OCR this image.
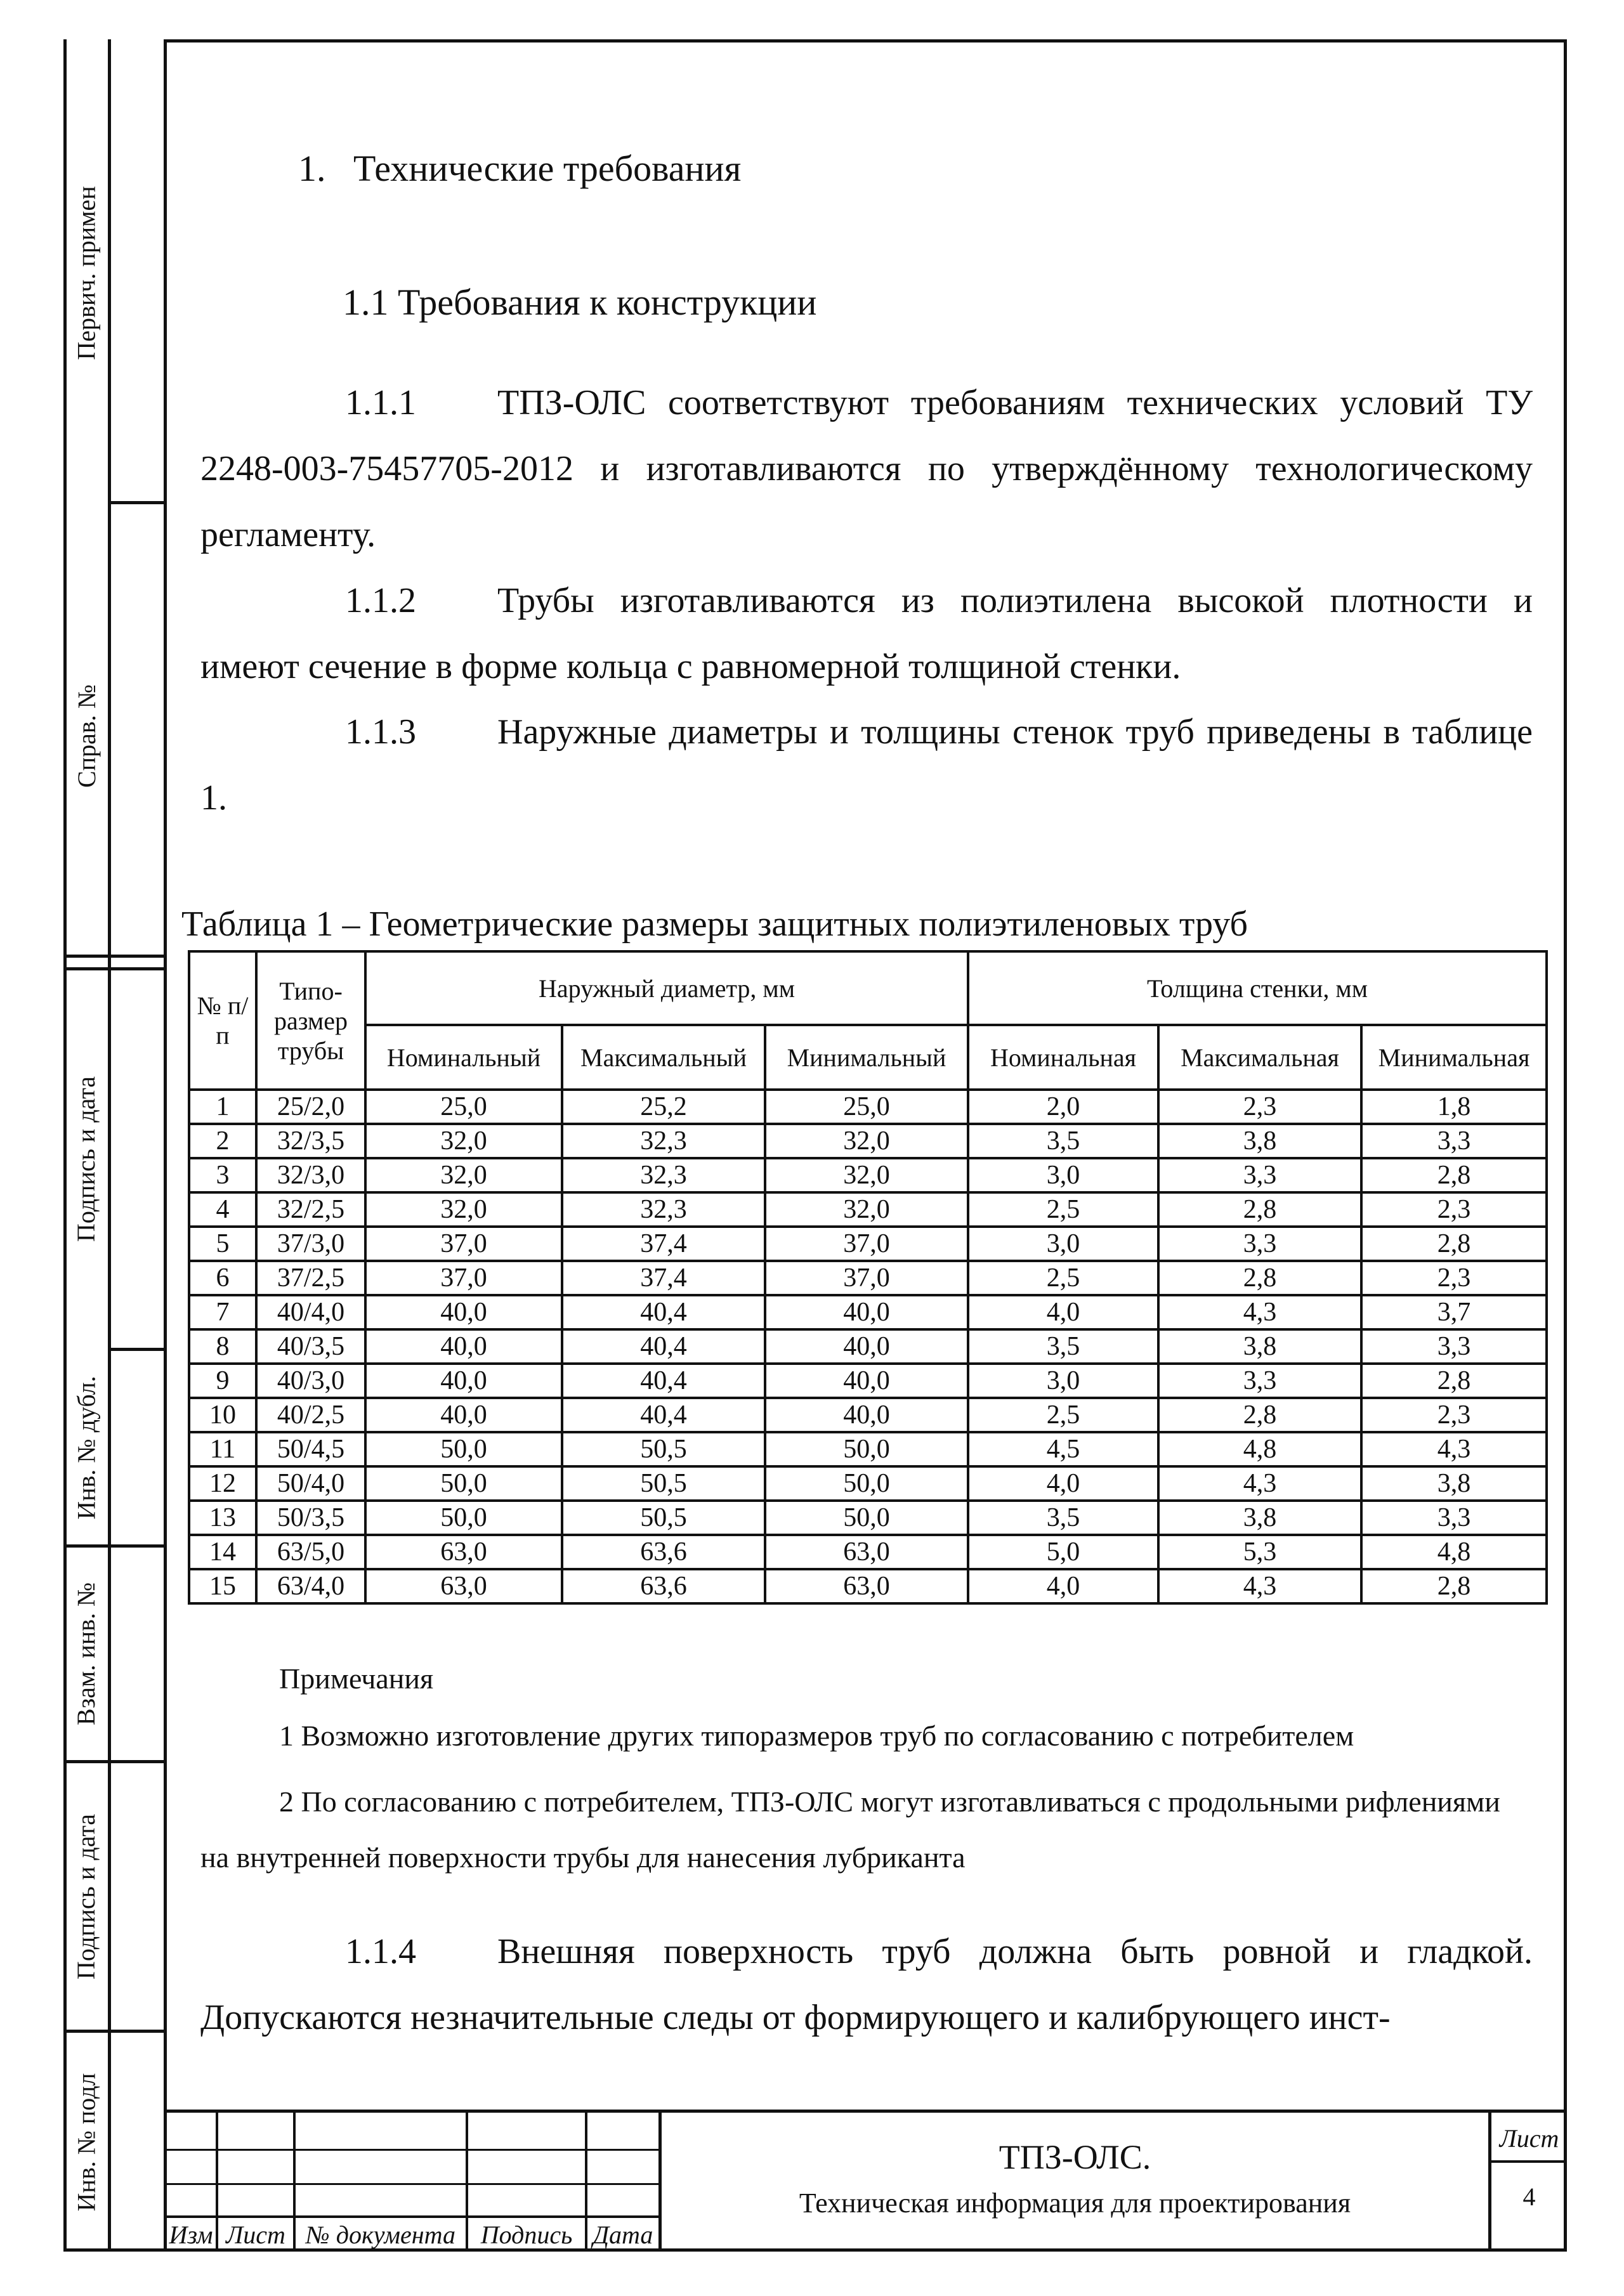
Первич. примен
Справ. №
Подпись и дата
Инв. № дубл.
Взам. инв. №
Подпись и дата
Инв. № подл
1. Технические требования
1.1 Требования к конструкции
1.1.1 ТПЗ-ОЛС соответствуют требованиям технических условий ТУ 2248-003-75457705-2012 и изготавливаются по утверждённому технологическому регламенту.
1.1.2 Трубы изготавливаются из полиэтилена высокой плотности и имеют сечение в форме кольца с равномерной толщиной стенки.
1.1.3 Наружные диаметры и толщины стенок труб приведены в таблице 1.
Таблица 1 – Геометрические размеры защитных полиэтиленовых труб
№ п/п	Типо-размер трубы	Наружный диаметр, мм			Толщина стенки, мм		
		Номинальный	Максимальный	Минимальный	Номинальная	Максимальная	Минимальная
1	25/2,0	25,0	25,2	25,0	2,0	2,3	1,8
2	32/3,5	32,0	32,3	32,0	3,5	3,8	3,3
3	32/3,0	32,0	32,3	32,0	3,0	3,3	2,8
4	32/2,5	32,0	32,3	32,0	2,5	2,8	2,3
5	37/3,0	37,0	37,4	37,0	3,0	3,3	2,8
6	37/2,5	37,0	37,4	37,0	2,5	2,8	2,3
7	40/4,0	40,0	40,4	40,0	4,0	4,3	3,7
8	40/3,5	40,0	40,4	40,0	3,5	3,8	3,3
9	40/3,0	40,0	40,4	40,0	3,0	3,3	2,8
10	40/2,5	40,0	40,4	40,0	2,5	2,8	2,3
11	50/4,5	50,0	50,5	50,0	4,5	4,8	4,3
12	50/4,0	50,0	50,5	50,0	4,0	4,3	3,8
13	50/3,5	50,0	50,5	50,0	3,5	3,8	3,3
14	63/5,0	63,0	63,6	63,0	5,0	5,3	4,8
15	63/4,0	63,0	63,6	63,0	4,0	4,3	2,8
Примечания
1 Возможно изготовление других типоразмеров труб по согласованию с потребителем
2 По согласованию с потребителем, ТПЗ-ОЛС могут изготавливаться с продольными рифлениями на внутренней поверхности трубы для нанесения лубриканта
1.1.4 Внешняя поверхность труб должна быть ровной и гладкой. Допускаются незначительные следы от формирующего и калибрующего инст-
Изм Лист № документа Подпись Дата
ТПЗ-ОЛС.
Техническая информация для проектирования
Лист
4
